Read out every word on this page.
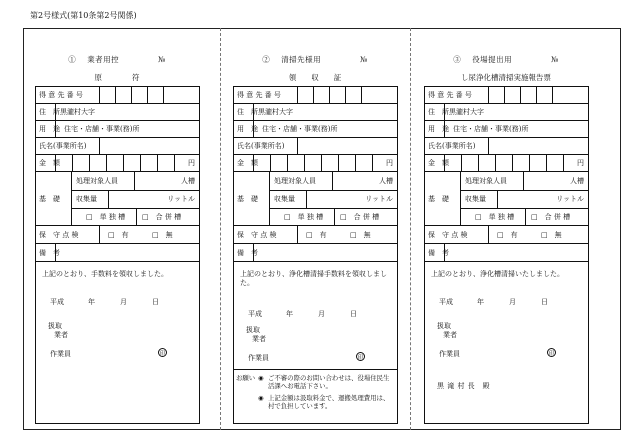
第2号様式(第10条第2号関係)
①　 業者用控	№
原　　　　符
得 意 先 番 号
住　所 黒瀧村大字
用　途 住宅・店舗・事業(務)所
氏名(事業所名)
金　額	円
基　礎
処理対象人員	人槽
収集量	リットル
□　単 独 槽 □　合 併 槽
保　守 点 検	□　有	□　無
備　考
上記のとおり、手数料を領収しました。
平成	年	月	日
扱取
業者
作業員	印
②　 清掃先様用	№
領　　収　　証
得 意 先 番 号
住　所 黒瀧村大字
用　途 住宅・店舗・事業(務)所
氏名(事業所名)
金　額	円
基　礎
処理対象人員	人槽
収集量	リットル
□　単 独 槽 □　合 併 槽
保　守 点 検	□　有	□　無
備　考
上記のとおり、浄化槽清掃手数料を領収しました。
平成	年	月	日
扱取
業者
作業員	印
お願い ◉ ご不審の際のお問い合わせは、役場住民生活課へお電話下さい。
◉ 上記金額は汲取料金で、運搬処理費用は、村で負担しています。
③　 役場提出用	№
し尿浄化槽清掃実施報告票
得 意 先 番 号
住　所 黒瀧村大字
用　途 住宅・店舗・事業(務)所
氏名(事業所名)
金　額	円
基　礎
処理対象人員	人槽
収集量	リットル
□　単 独 槽 □　合 併 槽
保　守 点 検	□　有	□　無
備　考
上記のとおり、浄化槽清掃いたしました。
平成	年	月	日
扱取
業者
作業員	印
黒 滝 村 長　殿
